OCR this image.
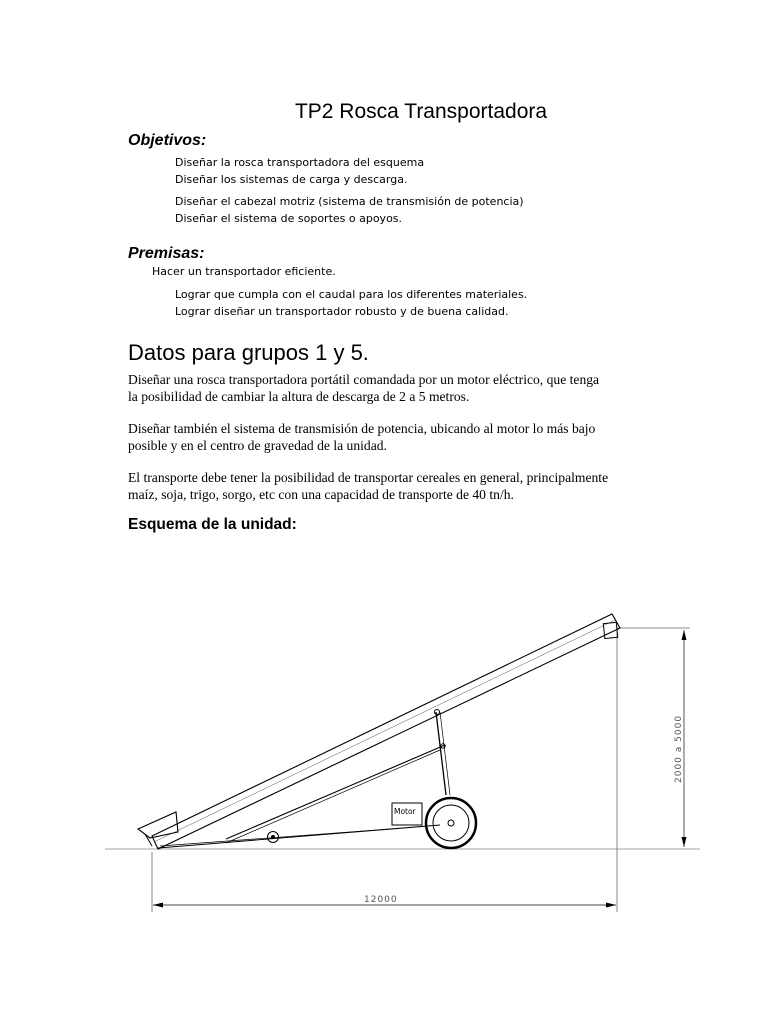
TP2 Rosca Transportadora
Objetivos:
Diseñar la rosca transportadora del esquema
Diseñar los sistemas de carga y descarga.
Diseñar el cabezal motriz (sistema de transmisión de potencia)
Diseñar el sistema de soportes o apoyos.
Premisas:
Hacer un transportador eficiente.
Lograr que cumpla con el caudal para los diferentes materiales.
Lograr diseñar un transportador robusto y de buena calidad.
Datos para grupos 1 y 5.
Diseñar una rosca transportadora portátil comandada por un motor eléctrico, que tenga
la posibilidad de cambiar la altura de descarga de 2 a 5 metros.
Diseñar también el sistema de transmisión de potencia, ubicando al motor lo más bajo
posible y en el centro de gravedad de la unidad.
El transporte debe tener la posibilidad de transportar cereales en general, principalmente
maíz, soja, trigo, sorgo, etc con una capacidad de transporte de 40 tn/h.
Esquema de la unidad:
Motor
2000 a 5000
12000
